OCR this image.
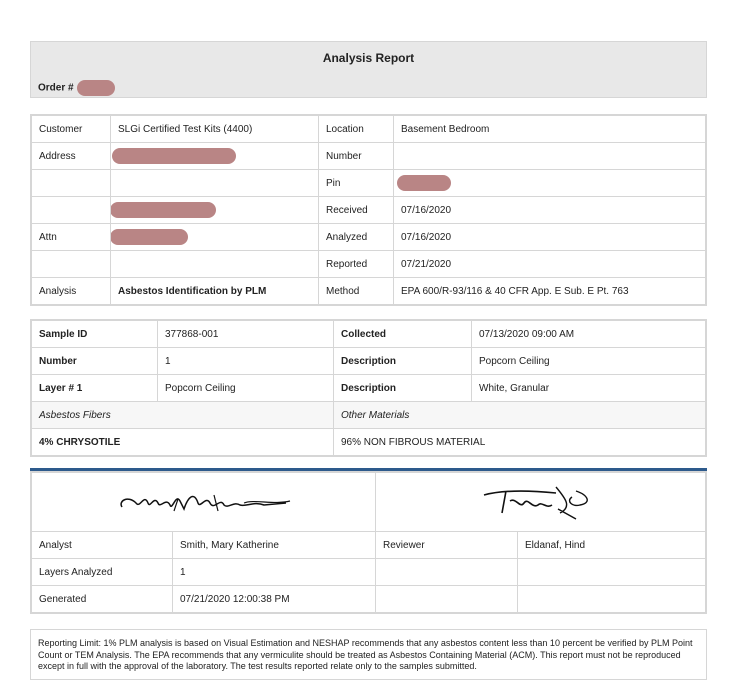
Analysis Report
Order #
Customer	SLGi Certified Test Kits (4400)	Location	Basement Bedroom
Address		Number	
		Pin	
		Received	07/16/2020
Attn		Analyzed	07/16/2020
		Reported	07/21/2020
Analysis	Asbestos Identification by PLM	Method	EPA 600/R-93/116 & 40 CFR App. E Sub. E Pt. 763
Sample ID	377868-001	Collected	07/13/2020 09:00 AM
Number	1	Description	Popcorn Ceiling
Layer # 1	Popcorn Ceiling	Description	White, Granular
Asbestos Fibers		Other Materials	
4% CHRYSOTILE		96% NON FIBROUS MATERIAL	

Analyst	Smith, Mary Katherine	Reviewer	Eldanaf, Hind
Layers Analyzed	1		
Generated	07/21/2020 12:00:38 PM		
Reporting Limit: 1% PLM analysis is based on Visual Estimation and NESHAP recommends that any asbestos content less than 10 percent be verified by PLM Point Count or TEM Analysis. The EPA recommends that any vermiculite should be treated as Asbestos Containing Material (ACM). This report must not be reproduced except in full with the approval of the laboratory. The test results reported relate only to the samples submitted.
